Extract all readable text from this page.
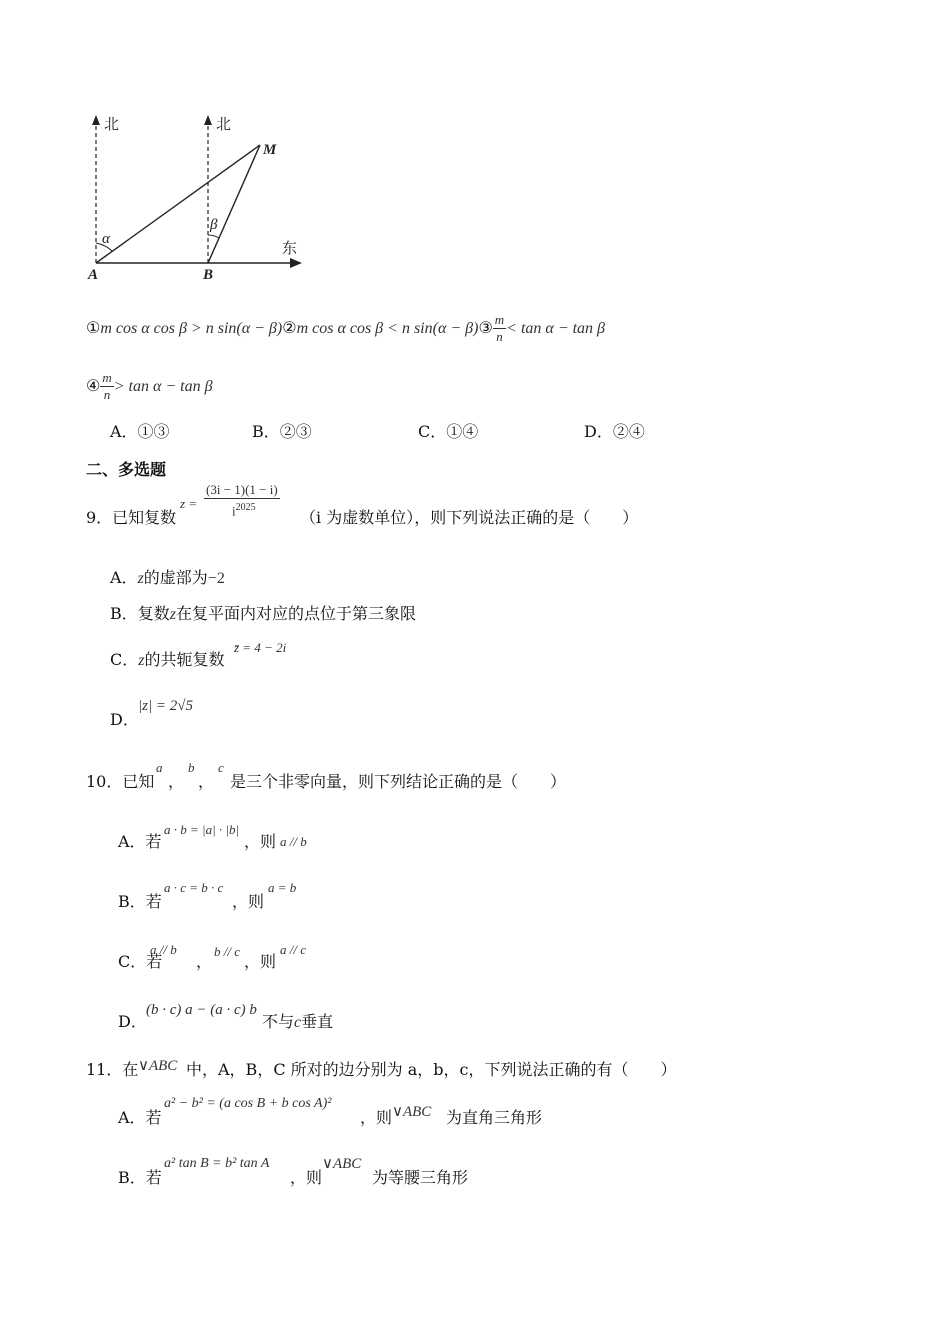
北	北
东
A	B
M
α
β
①m cos α cos β > n sin(α − β)②m cos α cos β < n sin(α − β)③ $\frac{m}{n} < \tan \alpha - \tan \beta$
④ $\frac{m}{n} > \tan \alpha - \tan \beta$
A．①③	B．②③	C．①④	D．②④
二、多选题
9．已知复数
z =
(3i − 1)(1 − i)
$i^{2025}$
（i 为虚数单位），则下列说法正确的是（　　）
A．z的虚部为−2
B．复数z在复平面内对应的点位于第三象限
C．z的共轭复数
z̄ = 4 − 2i
D．
|z| = 2√5
10．已知
a
，
b
，
c
是三个非零向量，则下列结论正确的是（　　）
A．若
a · b = |a| · |b|
，则 a // b
B．若
a · c = b · c
，则
a = b
C．若
a // b
，
b // c
，则
a // c
D．
(b · c) a − (a · c) b
不与c垂直
11．在 ∨ABC 中，A，B，C 所对的边分别为 a，b，c，下列说法正确的有（　　）
A．若
a² − b² = (a cos B + b cos A)²
，则 ∨ABC 为直角三角形
B．若
a² tan B = b² tan A
，则
∨ABC
为等腰三角形
